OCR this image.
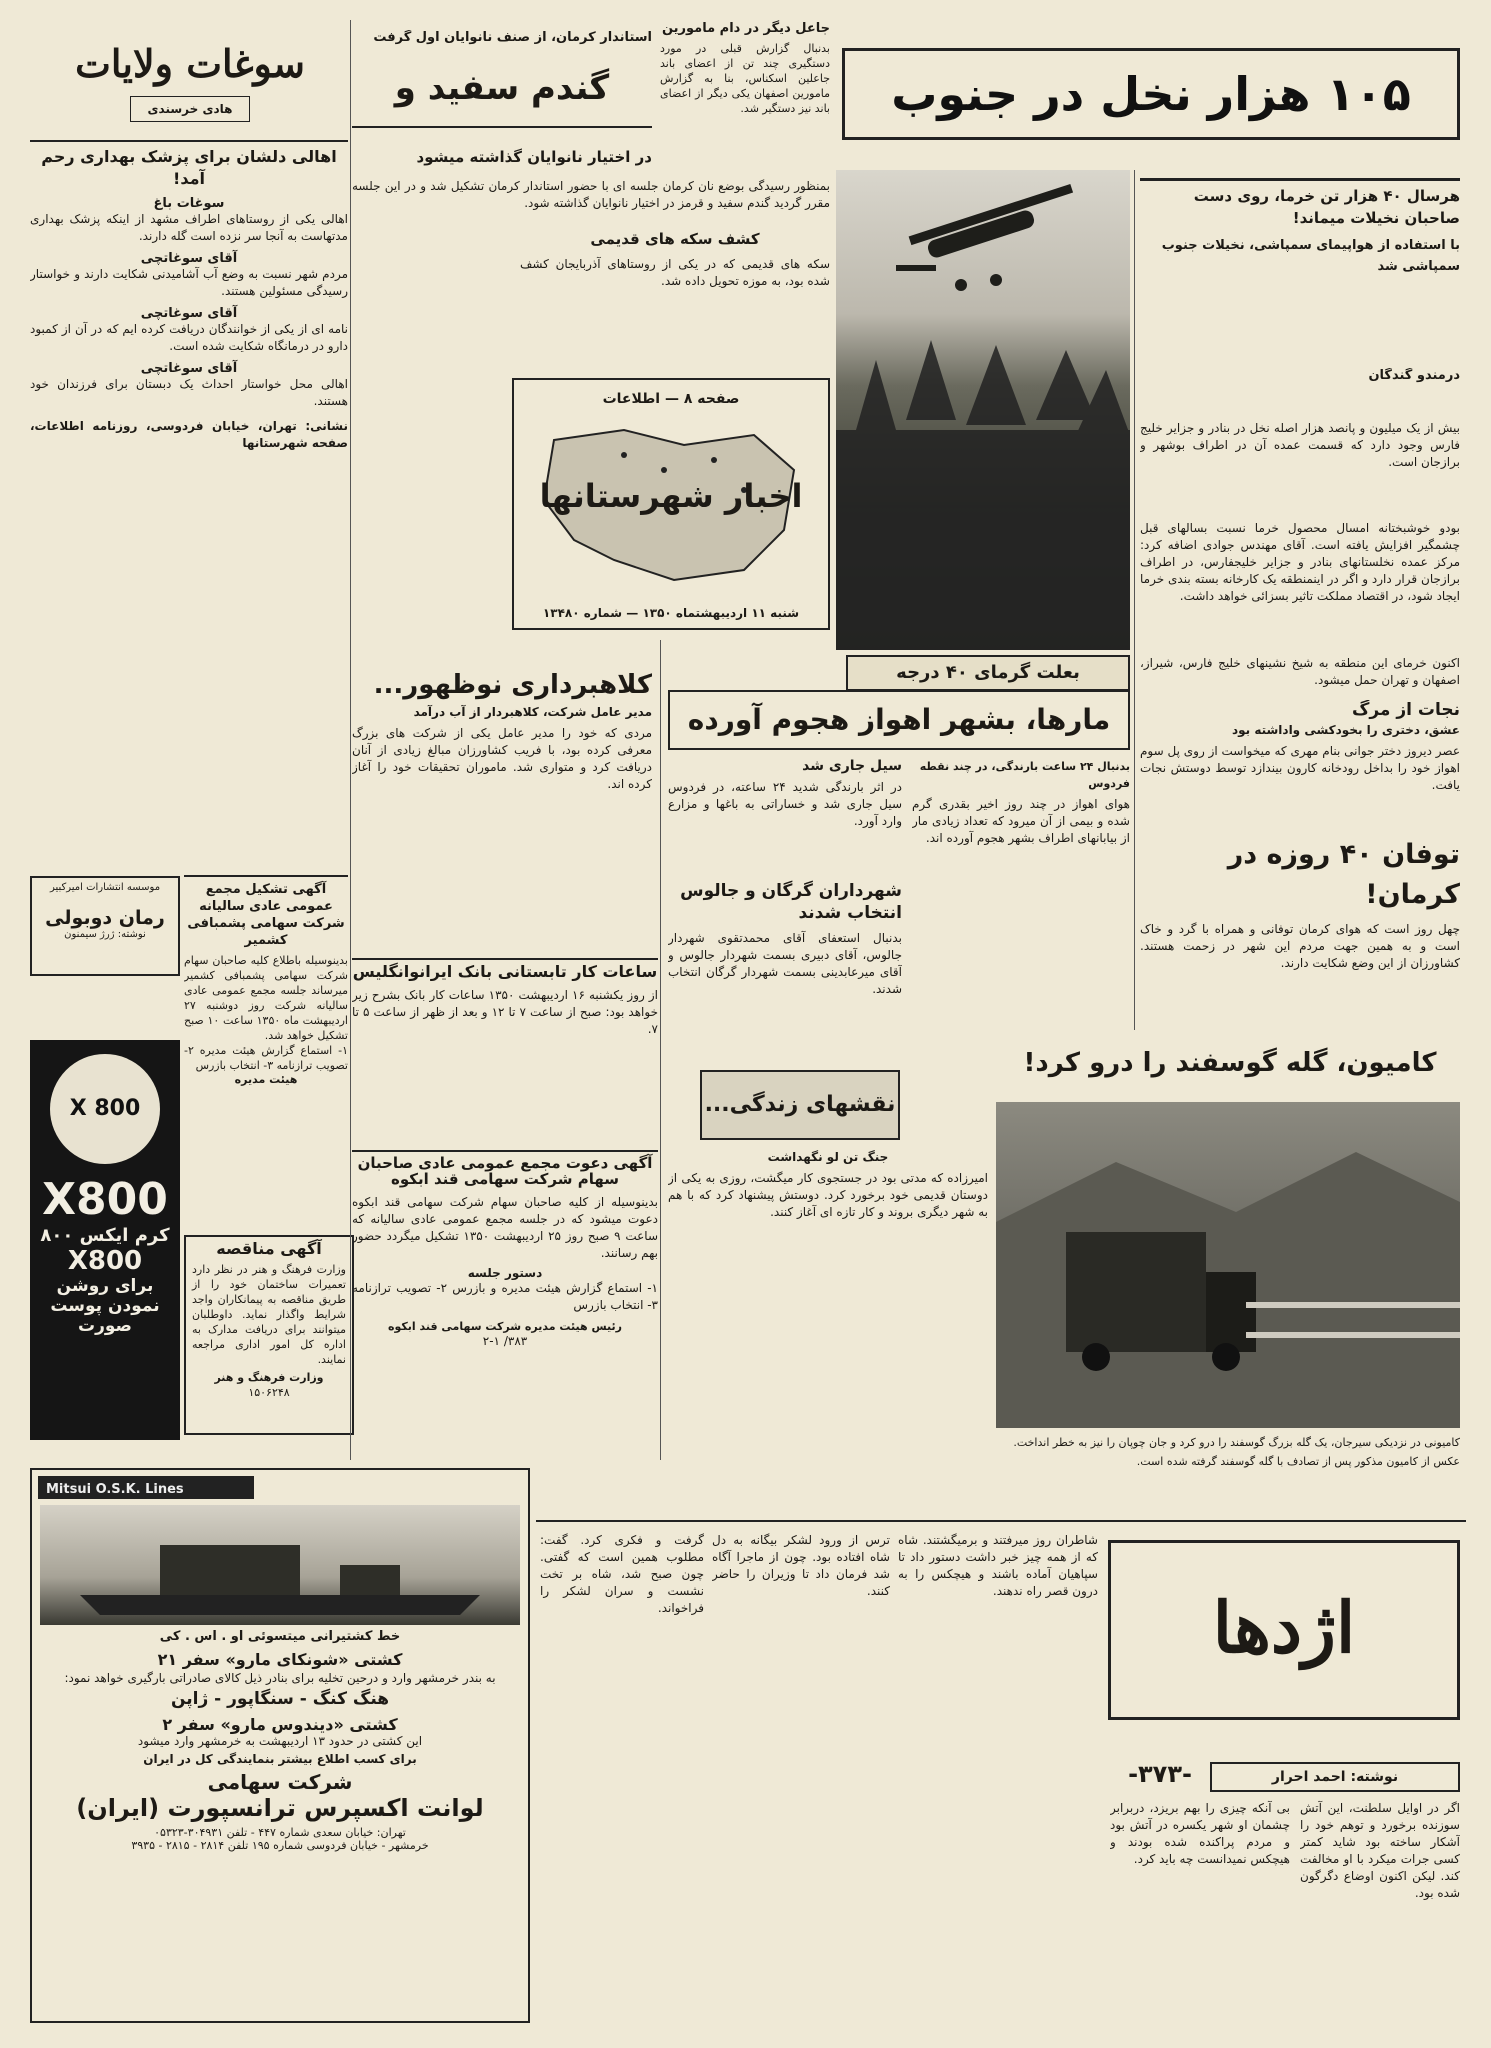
۱۰۵ هزار نخل در جنوب
هرسال ۴۰ هزار تن خرما، روی دست صاحبان نخیلات میماند!
با استفاده از هواپیمای سمپاشی، نخیلات جنوب سمپاشی شد

بیش از یک میلیون و پانصد هزار اصله نخل در بنادر و جزایر خلیج فارس وجود دارد که قسمت عمده آن در اطراف بوشهر و برازجان است.

بودو خوشبختانه امسال محصول خرما نسبت بسالهای قبل چشمگیر افزایش یافته است. آقای مهندس جوادی اضافه کرد: مرکز عمده نخلستانهای بنادر و جزایر خلیجفارس، در اطراف برازجان قرار دارد و اگر در اینمنطقه یک کارخانه بسته بندی خرما ایجاد شود، در اقتصاد مملکت تاثیر بسزائی خواهد داشت.

اکنون خرمای این منطقه به شیخ نشینهای خلیج فارس، شیراز، اصفهان و تهران حمل میشود.

درمندو گندگان
نجات از مرگ
عشق، دختری را بخودکشی واداشته بود
عصر دیروز دختر جوانی بنام مهری که میخواست از روی پل سوم اهواز خود را بداخل رودخانه کارون بیندازد توسط دوستش نجات یافت.
بعلت گرمای ۴۰ درجه
مارها، بشهر اهواز هجوم آورده
بدنبال ۲۴ ساعت بارندگی، در چند نقطه فردوس

هوای اهواز در چند روز اخیر بقدری گرم شده و بیمی از آن میرود که تعداد زیادی مار از بیابانهای اطراف بشهر هجوم آورده اند.

سیل جاری شد

در اثر بارندگی شدید ۲۴ ساعته، در فردوس سیل جاری شد و خساراتی به باغها و مزارع وارد آورد.

شهرداران گرگان و جالوس انتخاب شدند
بدنبال استعفای آقای محمدتقوی شهردار جالوس، آقای دبیری بسمت شهردار جالوس و آقای میرعابدینی بسمت شهردار گرگان انتخاب شدند.
توفان ۴۰ روزه در کرمان!
چهل روز است که هوای کرمان توفانی و همراه با گرد و خاک است و به همین جهت مردم این شهر در زحمت هستند. کشاورزان از این وضع شکایت دارند.
کامیون، گله گوسفند را درو کرد!

کامیونی در نزدیکی سیرجان، یک گله بزرگ گوسفند را درو کرد و جان چوپان را نیز به خطر انداخت.

عکس از کامیون مذکور پس از تصادف با گله گوسفند گرفته شده است.

جاعل دیگر در دام مامورین
بدنبال گزارش قبلی در مورد دستگیری چند تن از اعضای باند جاعلین اسکناس، بنا به گزارش مامورین اصفهان یکی دیگر از اعضای باند نیز دستگیر شد.
استاندار کرمان، از صنف نانوایان اول گرفت
گندم سفید و
در اختیار نانوایان گذاشته میشود

بمنظور رسیدگی بوضع نان کرمان جلسه ای با حضور استاندار کرمان تشکیل شد و در این جلسه مقرر گردید گندم سفید و قرمز در اختیار نانوایان گذاشته شود.

کشف سکه های قدیمی

سکه های قدیمی که در یکی از روستاهای آذربایجان کشف شده بود، به موزه تحویل داده شد.

صفحه ۸ — اطلاعات
اخبار شهرستانها
شنبه ۱۱ اردیبهشتماه ۱۳۵۰ — شماره ۱۳۴۸۰
کلاهبرداری نوظهور...
مدیر عامل شرکت، کلاهبردار از آب درآمد
مردی که خود را مدیر عامل یکی از شرکت های بزرگ معرفی کرده بود، با فریب کشاورزان مبالغ زیادی از آنان دریافت کرد و متواری شد. ماموران تحقیقات خود را آغاز کرده اند.
ساعات کار تابستانی بانک ایرانوانگلیس
از روز یکشنبه ۱۶ اردیبهشت ۱۳۵۰ ساعات کار بانک بشرح زیر خواهد بود: صبح از ساعت ۷ تا ۱۲ و بعد از ظهر از ساعت ۵ تا ۷.
نقشهای زندگی...
جنگ تن لو نگهداشت
امیرزاده که مدتی بود در جستجوی کار میگشت، روزی به یکی از دوستان قدیمی خود برخورد کرد. دوستش پیشنهاد کرد که با هم به شهر دیگری بروند و کار تازه ای آغاز کنند.
آگهی دعوت مجمع عمومی عادی صاحبان سهام شرکت سهامی قند ابکوه
بدینوسیله از کلیه صاحبان سهام شرکت سهامی قند ابکوه دعوت میشود که در جلسه مجمع عمومی عادی سالیانه که ساعت ۹ صبح روز ۲۵ اردیبهشت ۱۳۵۰ تشکیل میگردد حضور بهم رسانند.
دستور جلسه
۱- استماع گزارش هیئت مدیره و بازرس ۲- تصویب ترازنامه ۳- انتخاب بازرس
رئیس هیئت مدیره شرکت سهامی قند ابکوه
۳۸۳/ ۲-۱
آگهی مناقصه
وزارت فرهنگ و هنر در نظر دارد تعمیرات ساختمان خود را از طریق مناقصه به پیمانکاران واجد شرایط واگذار نماید. داوطلبان میتوانند برای دریافت مدارک به اداره کل امور اداری مراجعه نمایند.
وزارت فرهنگ و هنر
۱۵۰۶۲۴۸
آگهی تشکیل مجمع عمومی عادی سالیانه شرکت سهامی پشمبافی کشمیر
بدینوسیله باطلاع کلیه صاحبان سهام شرکت سهامی پشمبافی کشمیر میرساند جلسه مجمع عمومی عادی سالیانه شرکت روز دوشنبه ۲۷ اردیبهشت ماه ۱۳۵۰ ساعت ۱۰ صبح تشکیل خواهد شد.
۱- استماع گزارش هیئت مدیره ۲- تصویب ترازنامه ۳- انتخاب بازرس
هیئت مدیره
سوغات ولایات
هادی خرسندی
اهالی دلشان برای پزشک بهداری رحم آمد!
سوغات باغ
اهالی یکی از روستاهای اطراف مشهد از اینکه پزشک بهداری مدتهاست به آنجا سر نزده است گله دارند.
آقای سوغاتچی
مردم شهر نسبت به وضع آب آشامیدنی شکایت دارند و خواستار رسیدگی مسئولین هستند.
آقای سوغاتچی
نامه ای از یکی از خوانندگان دریافت کرده ایم که در آن از کمبود دارو در درمانگاه شکایت شده است.
آقای سوغاتچی
اهالی محل خواستار احداث یک دبستان برای فرزندان خود هستند.
نشانی: تهران، خیابان فردوسی، روزنامه اطلاعات، صفحه شهرستانها
موسسه انتشارات امیرکبیر
رمان دوبولی
نوشته: ژرژ سیمنون
X 800
X800
کرم ایکس ۸۰۰
X800
برای روشن
نمودن پوست
صورت
Mitsui O.S.K. Lines
خط کشتیرانی میتسوئی او . اس . کی
کشتی «شونکای مارو» سفر ۲۱
به بندر خرمشهر وارد و درحین تخلیه برای بنادر ذیل کالای صادراتی بارگیری خواهد نمود:
هنگ کنگ - سنگاپور - ژاپن
کشتی «دیندوس مارو» سفر ۲
این کشتی در حدود ۱۳ اردیبهشت به خرمشهر وارد میشود
برای کسب اطلاع بیشتر بنمایندگی کل در ایران
شرکت سهامی
لوانت اکسپرس ترانسپورت (ایران)
تهران: خیابان سعدی شماره ۴۴۷ - تلفن ۳۰۴۹۳۱-۰۵۳۲۳
خرمشهر - خیابان فردوسی شماره ۱۹۵ تلفن ۲۸۱۴ - ۲۸۱۵ - ۳۹۳۵
اژدها
-۳۷۳-	نوشته: احمد احرار

اگر در اوایل سلطنت، این آتش سوزنده برخورد و توهم خود را آشکار ساخته بود شاید کمتر کسی جرات میکرد با او مخالفت کند. لیکن اکنون اوضاع دگرگون شده بود.

بی آنکه چیزی را بهم بریزد، دربرابر چشمان او شهر یکسره در آتش بود و مردم پراکنده شده بودند و هیچکس نمیدانست چه باید کرد.

شاطران روز میرفتند و برمیگشتند. شاه که از همه چیز خبر داشت دستور داد تا سپاهیان آماده باشند و هیچکس را به درون قصر راه ندهند.

ترس از ورود لشکر بیگانه به دل شاه افتاده بود. چون از ماجرا آگاه شد فرمان داد تا وزیران را حاضر کنند.

گرفت و فکری کرد. گفت: مطلوب همین است که گفتی. چون صبح شد، شاه بر تخت نشست و سران لشکر را فراخواند.
